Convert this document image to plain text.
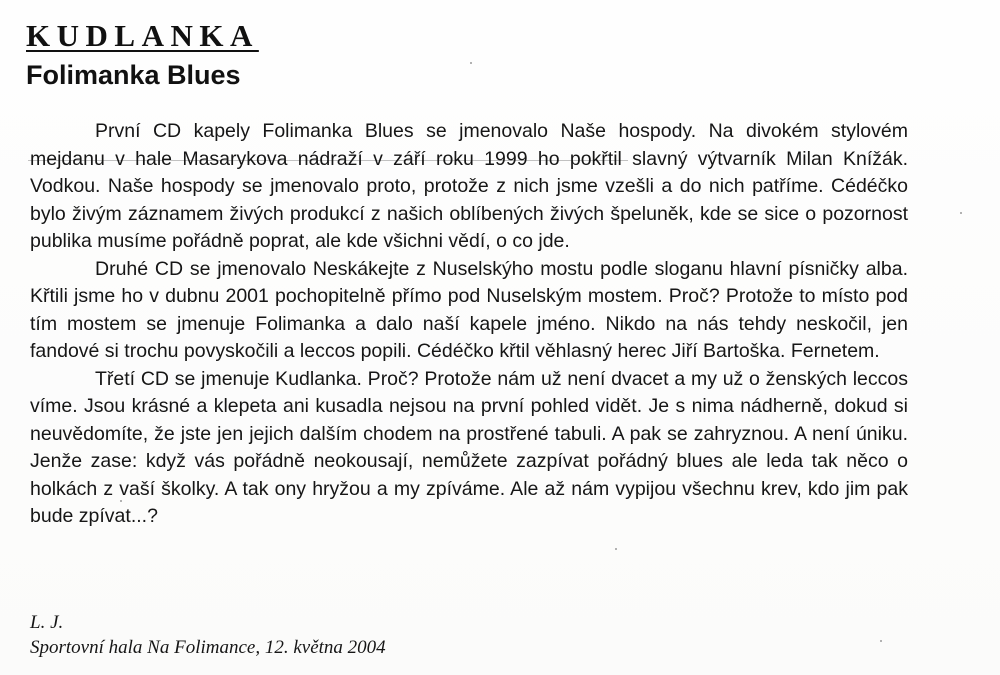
KUDLANKA
Folimanka Blues

První CD kapely Folimanka Blues se jmenovalo Naše hospody. Na divokém stylovém mejdanu v hale Masarykova nádraží v září roku 1999 ho pokřtil slavný výtvarník Milan Knížák. Vodkou. Naše hospody se jmenovalo proto, protože z nich jsme vzešli a do nich patříme. Cédéčko bylo živým záznamem živých produkcí z našich oblíbených živých špeluněk, kde se sice o pozornost publika musíme pořádně poprat, ale kde všichni vědí, o co jde.

Druhé CD se jmenovalo Neskákejte z Nuselskýho mostu podle sloganu hlavní písničky alba. Křtili jsme ho v dubnu 2001 pochopitelně přímo pod Nuselským mostem. Proč? Protože to místo pod tím mostem se jmenuje Folimanka a dalo naší kapele jméno. Nikdo na nás tehdy neskočil, jen fandové si trochu povyskočili a leccos popili. Cédéčko křtil věhlasný herec Jiří Bartoška. Fernetem.

Třetí CD se jmenuje Kudlanka. Proč? Protože nám už není dvacet a my už o ženských leccos víme. Jsou krásné a klepeta ani kusadla nejsou na první pohled vidět. Je s nima nádherně, dokud si neuvědomíte, že jste jen jejich dalším chodem na prostřené tabuli. A pak se zahryznou. A není úniku. Jenže zase: když vás pořádně neokousají, nemůžete zazpívat pořádný blues ale leda tak něco o holkách z vaší školky. A tak ony hryžou a my zpíváme. Ale až nám vypijou všechnu krev, kdo jim pak bude zpívat...?

L. J.
Sportovní hala Na Folimance, 12. května 2004
